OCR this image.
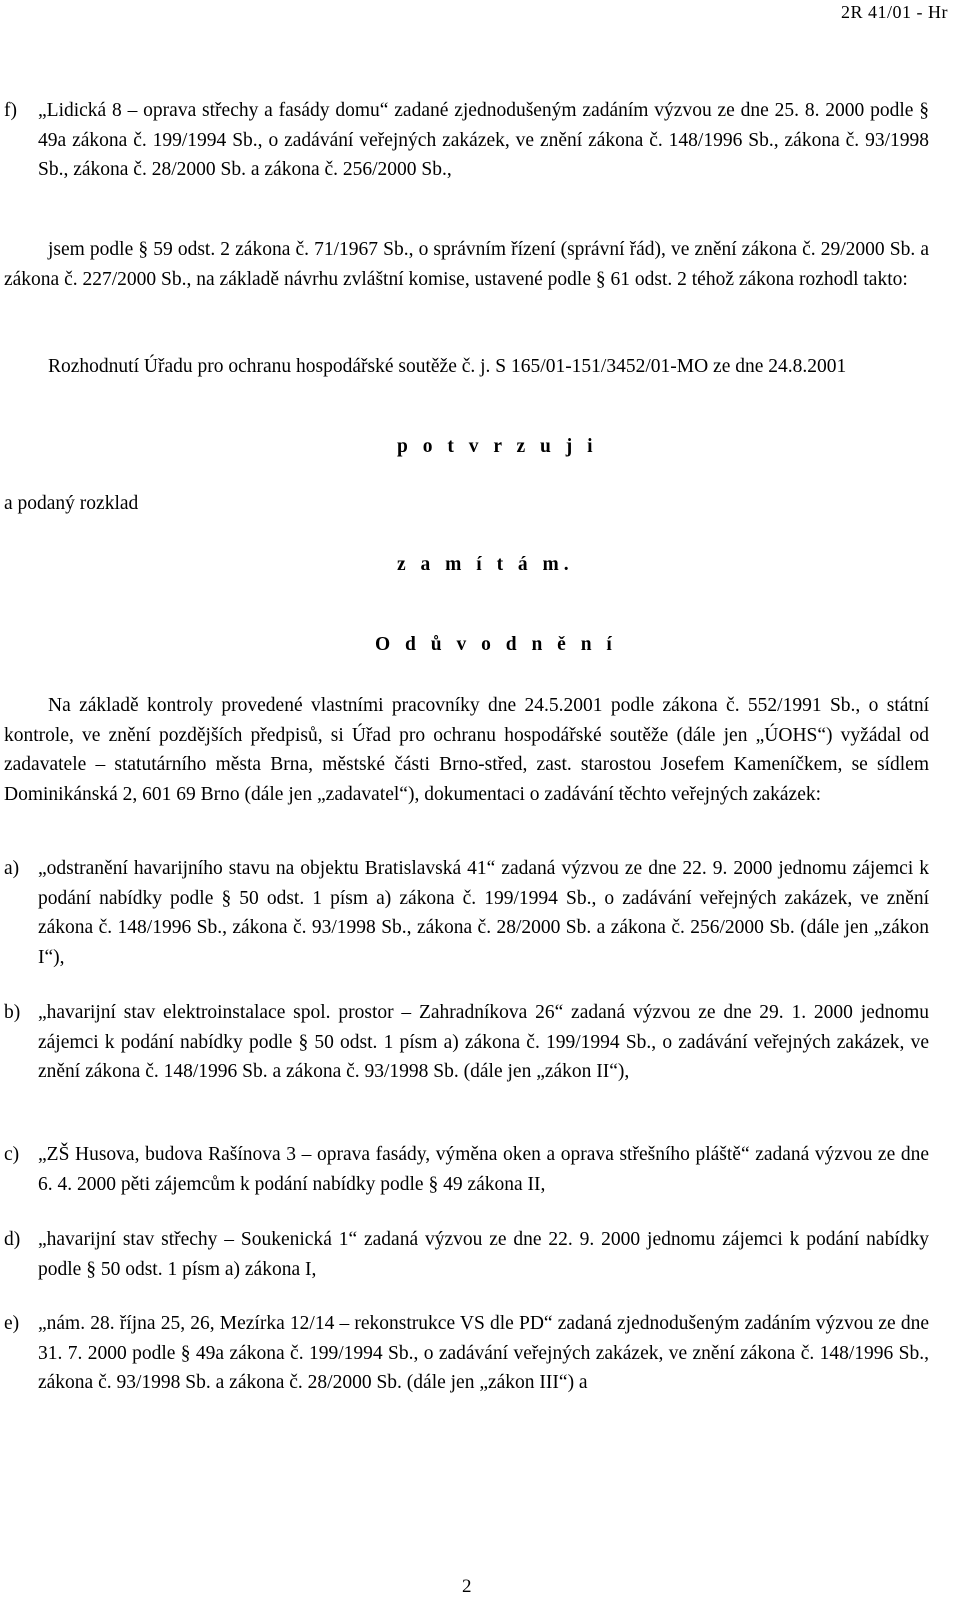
2R 41/01 - Hr
f) „Lidická 8 – oprava střechy a fasády domu“ zadané zjednodušeným zadáním výzvou ze dne 25. 8. 2000 podle § 49a zákona č. 199/1994 Sb., o zadávání veřejných zakázek, ve znění zákona č. 148/1996 Sb., zákona č. 93/1998 Sb., zákona č. 28/2000 Sb. a zákona č. 256/2000 Sb.,
jsem podle § 59 odst. 2 zákona č. 71/1967 Sb., o správním řízení (správní řád), ve znění zákona č. 29/2000 Sb. a zákona č. 227/2000 Sb., na základě návrhu zvláštní komise, ustavené podle § 61 odst. 2 téhož zákona rozhodl takto:
Rozhodnutí Úřadu pro ochranu hospodářské soutěže č. j. S 165/01-151/3452/01-MO ze dne 24.8.2001
p o t v r z u j i
a podaný rozklad
z a m í t á m.
O d ů v o d n ě n í
Na základě kontroly provedené vlastními pracovníky dne 24.5.2001 podle zákona č. 552/1991 Sb., o státní kontrole, ve znění pozdějších předpisů, si Úřad pro ochranu hospodářské soutěže (dále jen „ÚOHS“) vyžádal od zadavatele – statutárního města Brna, městské části Brno-střed, zast. starostou Josefem Kameníčkem, se sídlem Dominikánská 2, 601 69 Brno (dále jen „zadavatel“), dokumentaci o zadávání těchto veřejných zakázek:
a) „odstranění havarijního stavu na objektu Bratislavská 41“ zadaná výzvou ze dne 22. 9. 2000 jednomu zájemci k podání nabídky podle § 50 odst. 1 písm a) zákona č. 199/1994 Sb., o zadávání veřejných zakázek, ve znění zákona č. 148/1996 Sb., zákona č. 93/1998 Sb., zákona č. 28/2000 Sb. a zákona č. 256/2000 Sb. (dále jen „zákon I“),
b) „havarijní stav elektroinstalace spol. prostor – Zahradníkova 26“ zadaná výzvou ze dne 29. 1. 2000 jednomu zájemci k podání nabídky podle § 50 odst. 1 písm a) zákona č. 199/1994 Sb., o zadávání veřejných zakázek, ve znění zákona č. 148/1996 Sb. a zákona č. 93/1998 Sb. (dále jen „zákon II“),
c) „ZŠ Husova, budova Rašínova 3 – oprava fasády, výměna oken a oprava střešního pláště“ zadaná výzvou ze dne 6. 4. 2000 pěti zájemcům k podání nabídky podle § 49 zákona II,
d) „havarijní stav střechy – Soukenická 1“ zadaná výzvou ze dne 22. 9. 2000 jednomu zájemci k podání nabídky podle § 50 odst. 1 písm a) zákona I,
e) „nám. 28. října 25, 26, Mezírka 12/14 – rekonstrukce VS dle PD“ zadaná zjednodušeným zadáním výzvou ze dne 31. 7. 2000 podle § 49a zákona č. 199/1994 Sb., o zadávání veřejných zakázek, ve znění zákona č. 148/1996 Sb., zákona č. 93/1998 Sb. a zákona č. 28/2000 Sb. (dále jen „zákon III“) a
2
